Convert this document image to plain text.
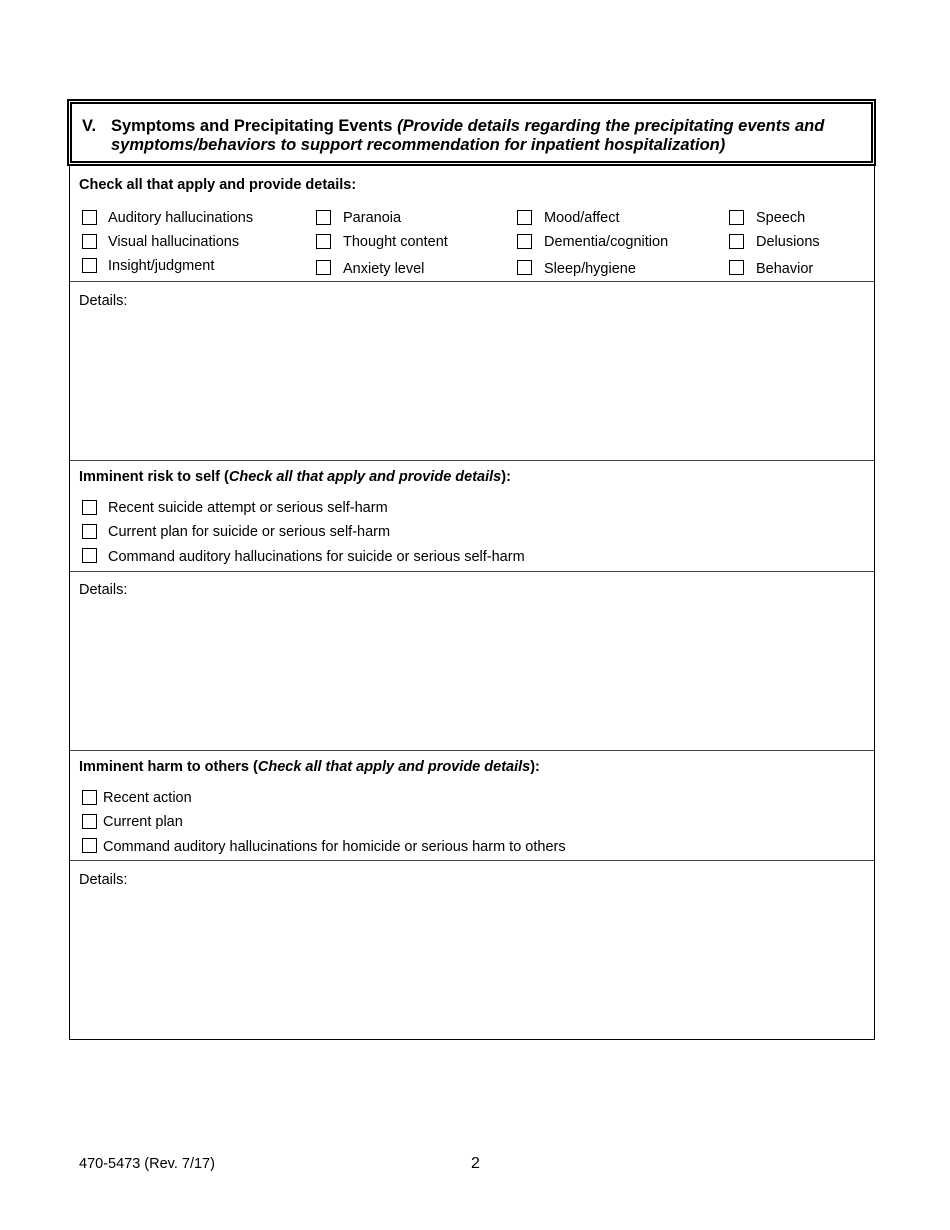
V. Symptoms and Precipitating Events (Provide details regarding the precipitating events and symptoms/behaviors to support recommendation for inpatient hospitalization)
Check all that apply and provide details:
Auditory hallucinations
Visual hallucinations
Insight/judgment
Paranoia
Thought content
Anxiety level
Mood/affect
Dementia/cognition
Sleep/hygiene
Speech
Delusions
Behavior
Details:
Imminent risk to self (Check all that apply and provide details):
Recent suicide attempt or serious self-harm
Current plan for suicide or serious self-harm
Command auditory hallucinations for suicide or serious self-harm
Details:
Imminent harm to others (Check all that apply and provide details):
Recent action
Current plan
Command auditory hallucinations for homicide or serious harm to others
Details:
470-5473 (Rev. 7/17)	2
